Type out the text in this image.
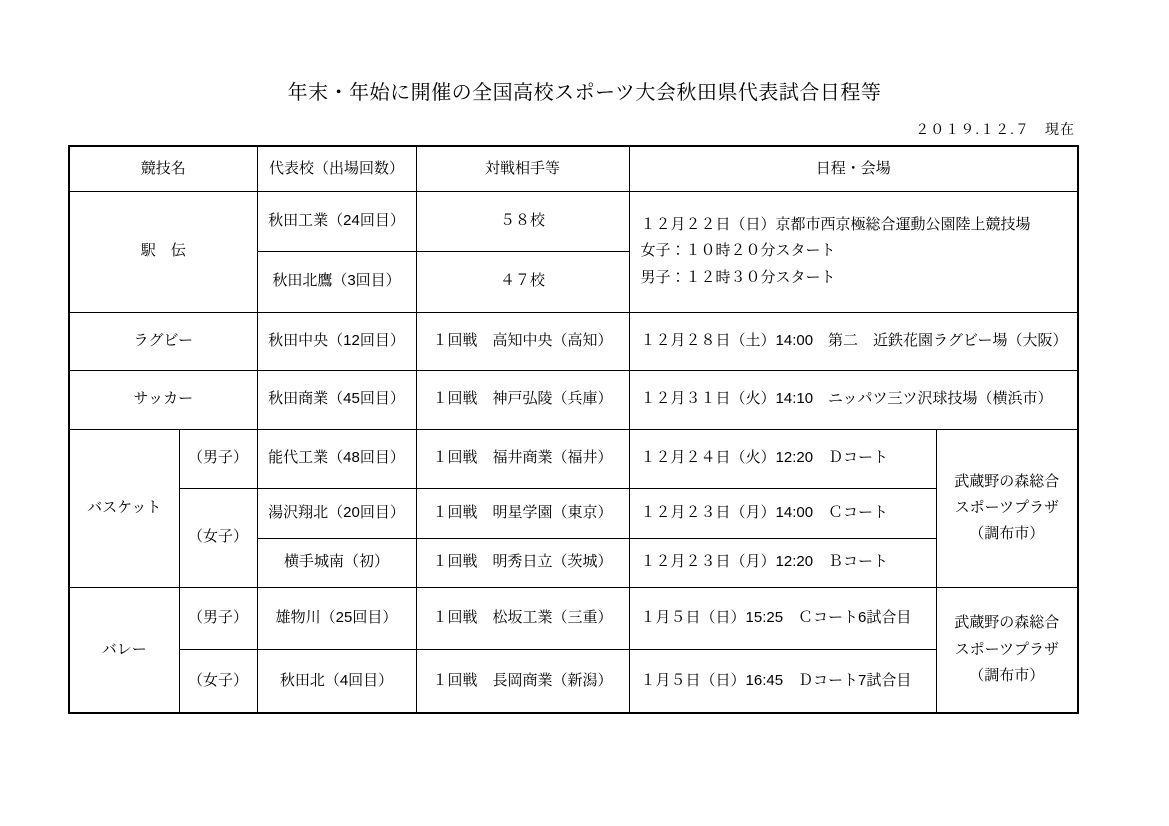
年末・年始に開催の全国高校スポーツ大会秋田県代表試合日程等
２０１９.１２.７　現在
競技名		代表校（出場回数）	対戦相手等	日程・会場	
駅　伝		秋田工業（24回目）	５８校	１２月２２日（日）京都市西京極総合運動公園陸上競技場
女子：１０時２０分スタート
男子：１２時３０分スタート	

		秋田北鷹（3回目）	４７校		
ラグビー		秋田中央（12回目）	１回戦　高知中央（高知）	１２月２８日（土）14:00　第二　近鉄花園ラグビー場（大阪）	
サッカー		秋田商業（45回目）	１回戦　神戸弘陵（兵庫）	１２月３１日（火）14:10　ニッパツ三ツ沢球技場（横浜市）	
バスケット	（男子）	能代工業（48回目）	１回戦　福井商業（福井）	１２月２４日（火）12:20　Ｄコート	武蔵野の森総合
スポーツプラザ
（調布市）

	（女子）	湯沢翔北（20回目）	１回戦　明星学園（東京）	１２月２３日（月）14:00　Ｃコート	
		横手城南（初）	１回戦　明秀日立（茨城）	１２月２３日（月）12:20　Ｂコート	
バレー	（男子）	雄物川（25回目）	１回戦　松坂工業（三重）	１月５日（日）15:25　Ｃコート6試合目	武蔵野の森総合
スポーツプラザ
（調布市）

	（女子）	秋田北（4回目）	１回戦　長岡商業（新潟）	１月５日（日）16:45　Ｄコート7試合目	
